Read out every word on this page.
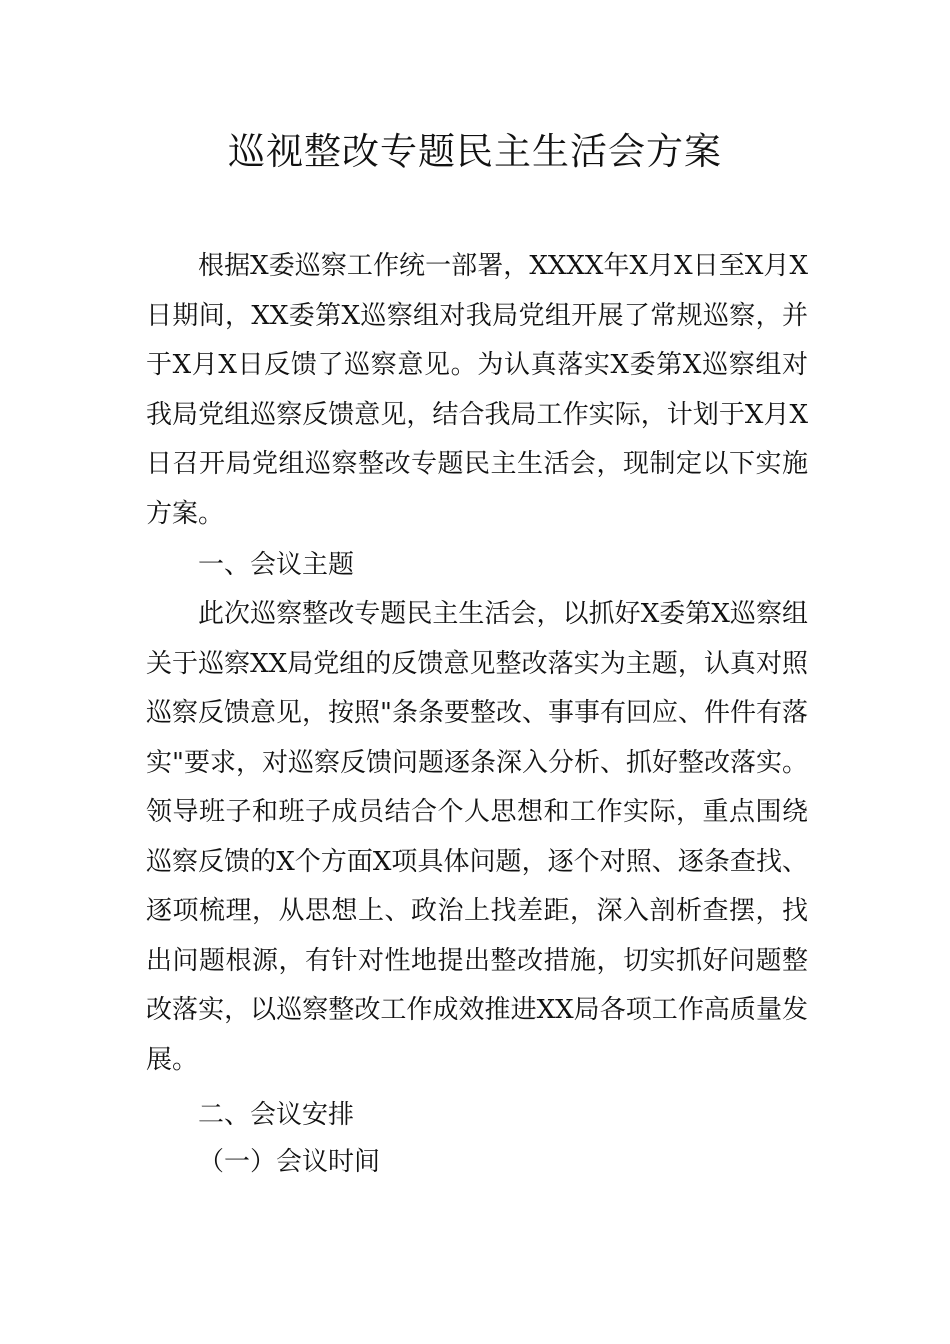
巡视整改专题民主生活会方案

根据X委巡察工作统一部署，XXXX年X月X日至X月X日期间，XX委第X巡察组对我局党组开展了常规巡察，并于X月X日反馈了巡察意见。为认真落实X委第X巡察组对我局党组巡察反馈意见，结合我局工作实际，计划于X月X日召开局党组巡察整改专题民主生活会，现制定以下实施方案。

一、会议主题

此次巡察整改专题民主生活会，以抓好X委第X巡察组关于巡察XX局党组的反馈意见整改落实为主题，认真对照巡察反馈意见，按照"条条要整改、事事有回应、件件有落实"要求，对巡察反馈问题逐条深入分析、抓好整改落实。领导班子和班子成员结合个人思想和工作实际，重点围绕巡察反馈的X个方面X项具体问题，逐个对照、逐条查找、逐项梳理，从思想上、政治上找差距，深入剖析查摆，找出问题根源，有针对性地提出整改措施，切实抓好问题整改落实，以巡察整改工作成效推进XX局各项工作高质量发展。

二、会议安排

（一）会议时间
